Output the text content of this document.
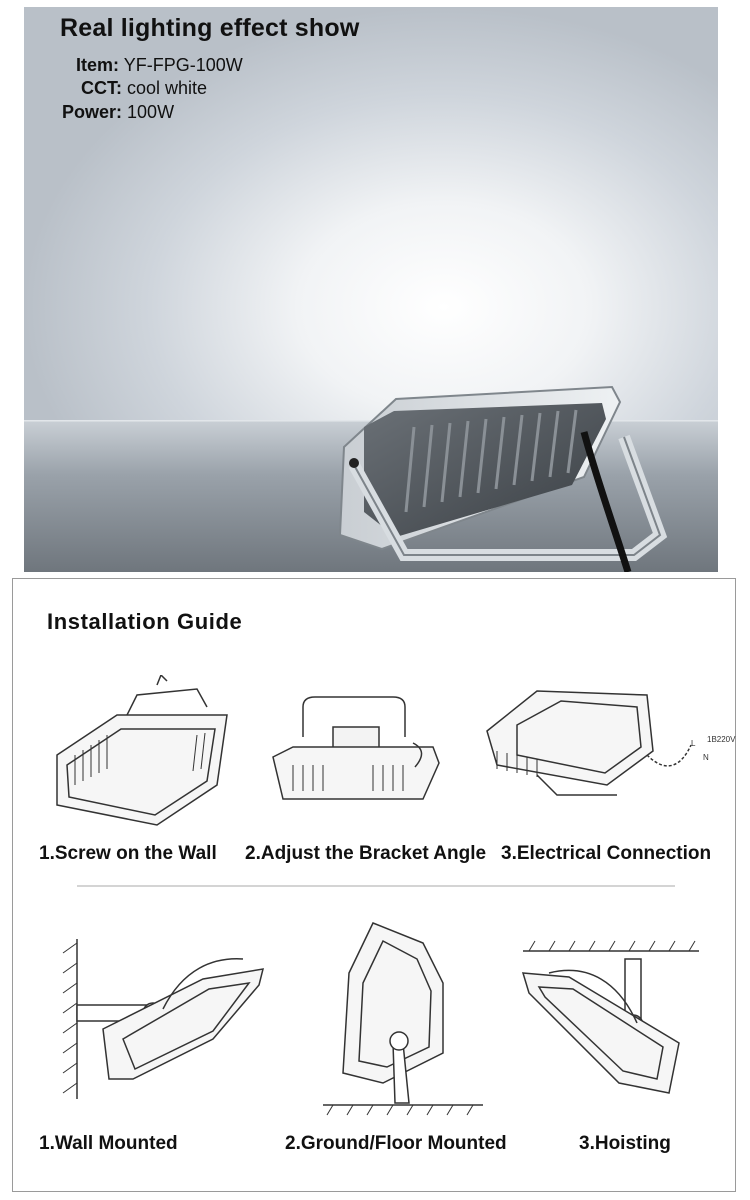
Real lighting effect show
Item: YF-FPG-100W
CCT: cool white
Power: 100W
Installation Guide
1.Screw on the Wall 2.Adjust the Bracket Angle
1B220V
L
N
3.Electrical Connection
1.Wall Mounted	2.Ground/Floor Mounted	3.Hoisting
